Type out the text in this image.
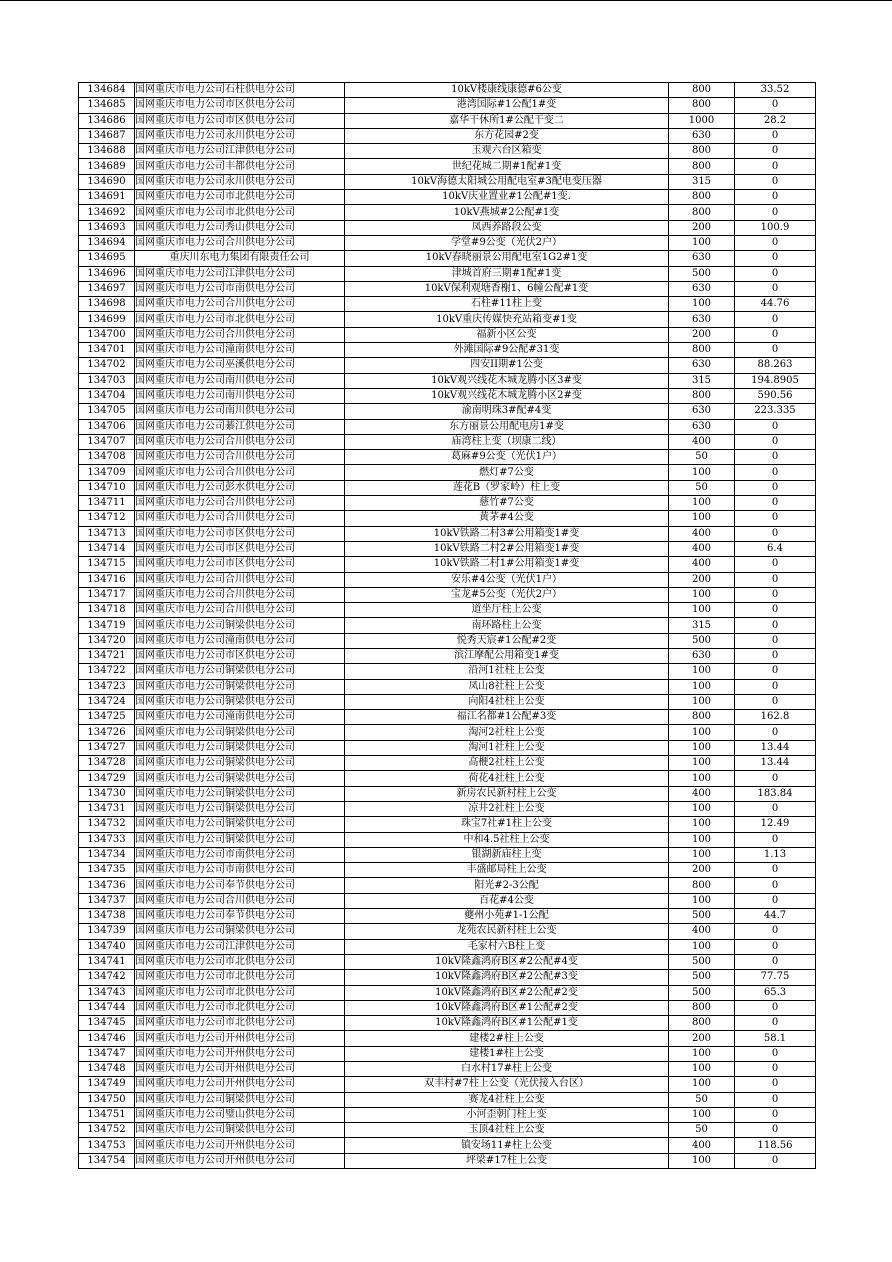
134684	国网重庆市电力公司石柱供电分公司	10kV楼康线康德#6公变	800	33.52
134685	国网重庆市电力公司市区供电分公司	港湾国际#1公配1#变	800	0
134686	国网重庆市电力公司市区供电分公司	嘉华干休所1#公配干变二	1000	28.2
134687	国网重庆市电力公司永川供电分公司	东方花园#2变	630	0
134688	国网重庆市电力公司江津供电分公司	玉观六台区箱变	800	0
134689	国网重庆市电力公司丰都供电分公司	世纪花城二期#1配#1变	800	0
134690	国网重庆市电力公司永川供电分公司	10kV海德太阳城公用配电室#3配电变压器	315	0
134691	国网重庆市电力公司市北供电分公司	10kV庆业置业#1公配#1变.	800	0
134692	国网重庆市电力公司市北供电分公司	10kV燕城#2公配#1变	800	0
134693	国网重庆市电力公司秀山供电分公司	凤西养路段公变	200	100.9
134694	国网重庆市电力公司合川供电分公司	学堂#9公变（光伏2户）	100	0
134695	重庆川东电力集团有限责任公司	10kV春晓丽景公用配电室1G2#1变	630	0
134696	国网重庆市电力公司江津供电分公司	津城首府三期#1配#1变	500	0
134697	国网重庆市电力公司市南供电分公司	10kV保利观塘香榭1、6幢公配#1变	630	0
134698	国网重庆市电力公司合川供电分公司	石柱#11柱上变	100	44.76
134699	国网重庆市电力公司市北供电分公司	10kV重庆传媒快充站箱变#1变	630	0
134700	国网重庆市电力公司合川供电分公司	福新小区公变	200	0
134701	国网重庆市电力公司潼南供电分公司	外滩国际#9公配#31变	800	0
134702	国网重庆市电力公司巫溪供电分公司	四安II期#1公变	630	88.263
134703	国网重庆市电力公司南川供电分公司	10kV观兴线花木城龙腾小区3#变	315	194.8905
134704	国网重庆市电力公司南川供电分公司	10kV观兴线花木城龙腾小区2#变	800	590.56
134705	国网重庆市电力公司南川供电分公司	渝南明珠3#配#4变	630	223.335
134706	国网重庆市电力公司綦江供电分公司	东方丽景公用配电房1#变	630	0
134707	国网重庆市电力公司合川供电分公司	庙湾柱上变（坝康二线）	400	0
134708	国网重庆市电力公司合川供电分公司	葛麻#9公变（光伏1户）	50	0
134709	国网重庆市电力公司合川供电分公司	燃灯#7公变	100	0
134710	国网重庆市电力公司彭水供电分公司	莲花B（罗家岭）柱上变	50	0
134711	国网重庆市电力公司合川供电分公司	慈竹#7公变	100	0
134712	国网重庆市电力公司合川供电分公司	黄茅#4公变	100	0
134713	国网重庆市电力公司市区供电分公司	10kV铁路二村3#公用箱变1#变	400	0
134714	国网重庆市电力公司市区供电分公司	10kV铁路二村2#公用箱变1#变	400	6.4
134715	国网重庆市电力公司市区供电分公司	10kV铁路二村1#公用箱变1#变	400	0
134716	国网重庆市电力公司合川供电分公司	安乐#4公变（光伏1户）	200	0
134717	国网重庆市电力公司合川供电分公司	宝龙#5公变（光伏2户）	100	0
134718	国网重庆市电力公司合川供电分公司	道坐厅柱上公变	100	0
134719	国网重庆市电力公司铜梁供电分公司	南环路柱上公变	315	0
134720	国网重庆市电力公司潼南供电分公司	悦秀天宸#1公配#2变	500	0
134721	国网重庆市电力公司市区供电分公司	滨江摩配公用箱变1#变	630	0
134722	国网重庆市电力公司铜梁供电分公司	沿河1社柱上公变	100	0
134723	国网重庆市电力公司铜梁供电分公司	凤山8社柱上公变	100	0
134724	国网重庆市电力公司铜梁供电分公司	向阳4社柱上公变	100	0
134725	国网重庆市电力公司潼南供电分公司	福江名都#1公配#3变	800	162.8
134726	国网重庆市电力公司铜梁供电分公司	淘河2社柱上公变	100	0
134727	国网重庆市电力公司铜梁供电分公司	淘河1社柱上公变	100	13.44
134728	国网重庆市电力公司铜梁供电分公司	高楩2社柱上公变	100	13.44
134729	国网重庆市电力公司铜梁供电分公司	荷花4社柱上公变	100	0
134730	国网重庆市电力公司铜梁供电分公司	新房农民新村柱上公变	400	183.84
134731	国网重庆市电力公司铜梁供电分公司	凉井2社柱上公变	100	0
134732	国网重庆市电力公司铜梁供电分公司	珠宝7社#1柱上公变	100	12.49
134733	国网重庆市电力公司铜梁供电分公司	中和4.5社柱上公变	100	0
134734	国网重庆市电力公司市南供电分公司	银湖新庙柱上变	100	1.13
134735	国网重庆市电力公司市南供电分公司	丰盛邮局柱上公变	200	0
134736	国网重庆市电力公司奉节供电分公司	阳光#2-3公配	800	0
134737	国网重庆市电力公司合川供电分公司	百花#4公变	100	0
134738	国网重庆市电力公司奉节供电分公司	夔州小苑#1-1公配	500	44.7
134739	国网重庆市电力公司铜梁供电分公司	龙苑农民新村柱上公变	400	0
134740	国网重庆市电力公司江津供电分公司	毛家村六B柱上变	100	0
134741	国网重庆市电力公司市北供电分公司	10kV隆鑫鸿府B区#2公配#4变	500	0
134742	国网重庆市电力公司市北供电分公司	10kV隆鑫鸿府B区#2公配#3变	500	77.75
134743	国网重庆市电力公司市北供电分公司	10kV隆鑫鸿府B区#2公配#2变	500	65.3
134744	国网重庆市电力公司市北供电分公司	10kV隆鑫鸿府B区#1公配#2变	800	0
134745	国网重庆市电力公司市北供电分公司	10kV隆鑫鸿府B区#1公配#1变	800	0
134746	国网重庆市电力公司开州供电分公司	建楼2#柱上公变	200	58.1
134747	国网重庆市电力公司开州供电分公司	建楼1#柱上公变	100	0
134748	国网重庆市电力公司开州供电分公司	白水村17#柱上公变	100	0
134749	国网重庆市电力公司开州供电分公司	双丰村#7柱上公变（光伏接入台区）	100	0
134750	国网重庆市电力公司铜梁供电分公司	赛龙4社柱上公变	50	0
134751	国网重庆市电力公司璧山供电分公司	小河歪朝门柱上变	100	0
134752	国网重庆市电力公司铜梁供电分公司	玉顶4社柱上公变	50	0
134753	国网重庆市电力公司开州供电分公司	镇安场11#柱上公变	400	118.56
134754	国网重庆市电力公司开州供电分公司	坪梁#17柱上公变	100	0
